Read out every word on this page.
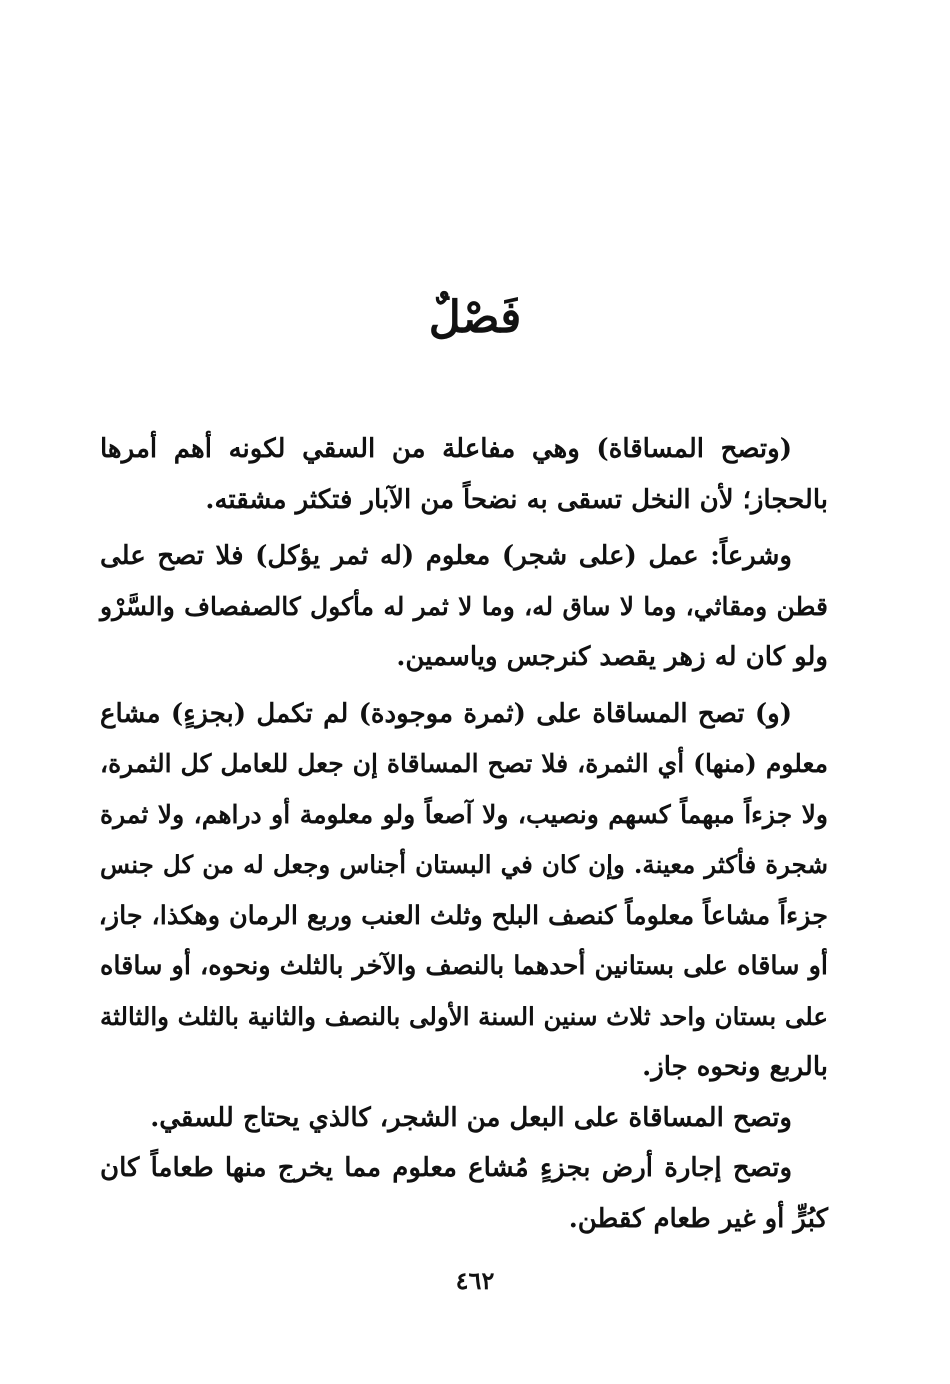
فَصْلٌ
(وتصح المساقاة) وهي مفاعلة من السقي لكونه أهم أمرها
بالحجاز؛ لأن النخل تسقى به نضحاً من الآبار فتكثر مشقته.
وشرعاً: عمل (على شجر) معلوم (له ثمر يؤكل) فلا تصح على
قطن ومقاثي، وما لا ساق له، وما لا ثمر له مأكول كالصفصاف والسَّرْو
ولو كان له زهر يقصد كنرجس وياسمين.
(و) تصح المساقاة على (ثمرة موجودة) لم تكمل (بجزءٍ) مشاع
معلوم (منها) أي الثمرة، فلا تصح المساقاة إن جعل للعامل كل الثمرة،
ولا جزءاً مبهماً كسهم ونصيب، ولا آصعاً ولو معلومة أو دراهم، ولا ثمرة
شجرة فأكثر معينة. وإن كان في البستان أجناس وجعل له من كل جنس
جزءاً مشاعاً معلوماً كنصف البلح وثلث العنب وربع الرمان وهكذا، جاز،
أو ساقاه على بستانين أحدهما بالنصف والآخر بالثلث ونحوه، أو ساقاه
على بستان واحد ثلاث سنين السنة الأولى بالنصف والثانية بالثلث والثالثة
بالربع ونحوه جاز.
وتصح المساقاة على البعل من الشجر، كالذي يحتاج للسقي.
وتصح إجارة أرض بجزءٍ مُشاع معلوم مما يخرج منها طعاماً كان
كبُرٍّ أو غير طعام كقطن.
٤٦٢
